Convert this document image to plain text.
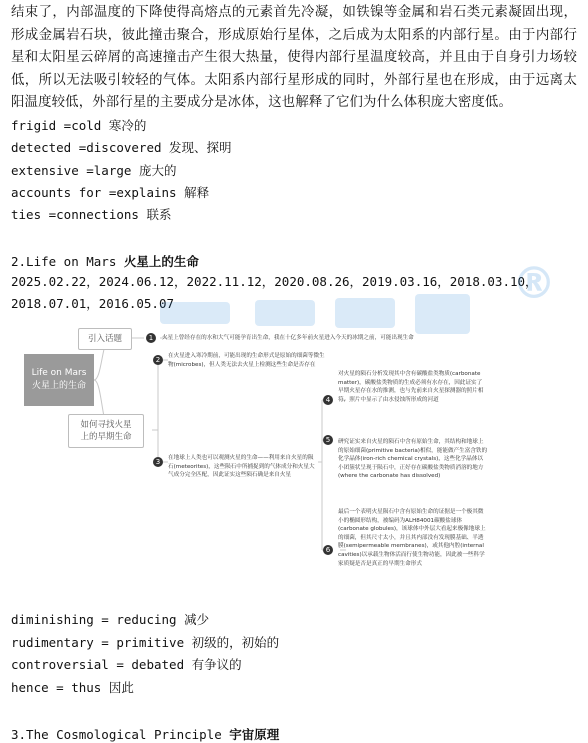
结束了，内部温度的下降使得高熔点的元素首先冷凝，如铁镍等金属和岩石类元素凝固出现，形成金属岩石块，彼此撞击聚合，形成原始行星体，之后成为太阳系的内部行星。由于内部行星和太阳星云碎屑的高速撞击产生很大热量，使得内部行星温度较高，并且由于自身引力场较低，所以无法吸引较轻的气体。太阳系内部行星形成的同时，外部行星也在形成，由于远离太阳温度较低，外部行星的主要成分是冰体，这也解释了它们为什么体积庞大密度低。
frigid =cold 寒冷的
detected =discovered 发现、探明
extensive =large 庞大的
accounts for =explains 解释
ties =connections 联系
2.Life on Mars 火星上的生命
2025.02.22，2024.06.12，2022.11.12，2020.08.26，2019.03.16，2018.03.10，2018.07.01，2016.05.07	®
Life on Mars
火星上的生命
引入话题
如何寻找火星
上的早期生命
1	火星上曾经存在的水和大气可能孕育出生命，我在十亿多年前火星进入今天的冰期之前，可能出现生命
2	在火星进入寒冷期前，可能出现的生命形式是原始的细菌等微生物(microbes)，但人类无法去火星上检测这些生命是否存在
3	在地球上人类也可以观测火星的生命——利用来自火星的陨石(meteorites)，这些陨石中所捕捉到的气体成分和火星大气成分完全匹配，因此证实这些陨石确是来自火星
4
对火星的陨石分析发现其中含有碳酸盐类物质(carbonate matter)，碳酸盐类物质的生成必须有水存在，因此证实了早期火星存在水的推测，也与先前来自火星探测器的照片相符，照片中显示了由水侵蚀所形成的河道
5	研究证实来自火星的陨石中含有原始生命，其结构和地球上的原始细菌(primitive bacteria)相似，能能做产生富含铁的化学晶体(iron-rich chemical crystals)，这些化学晶体以小团簇状呈现于陨石中，正好存在碳酸盐类物质消溶的地方(where the carbonate has dissolved)
6
最后一个表明火星陨石中含有原始生命的证据是一个极其微小的椭圆形结构，被编码为ALH84001碳酸盐球体(carbonate globules)，该球体中外层大看起来极像地球上的细菌，但其尺寸太小，并且其内部没有发现膜基础、半透膜(semipermeable membranes)，或其他内腔(internal cavities)以承载生物体活而行使生物功能，因此被一些科学家质疑是否是真正的早期生命形式
diminishing = reducing 减少
rudimentary = primitive 初级的，初始的
controversial = debated 有争议的
hence = thus 因此
3.The Cosmological Principle 宇宙原理
